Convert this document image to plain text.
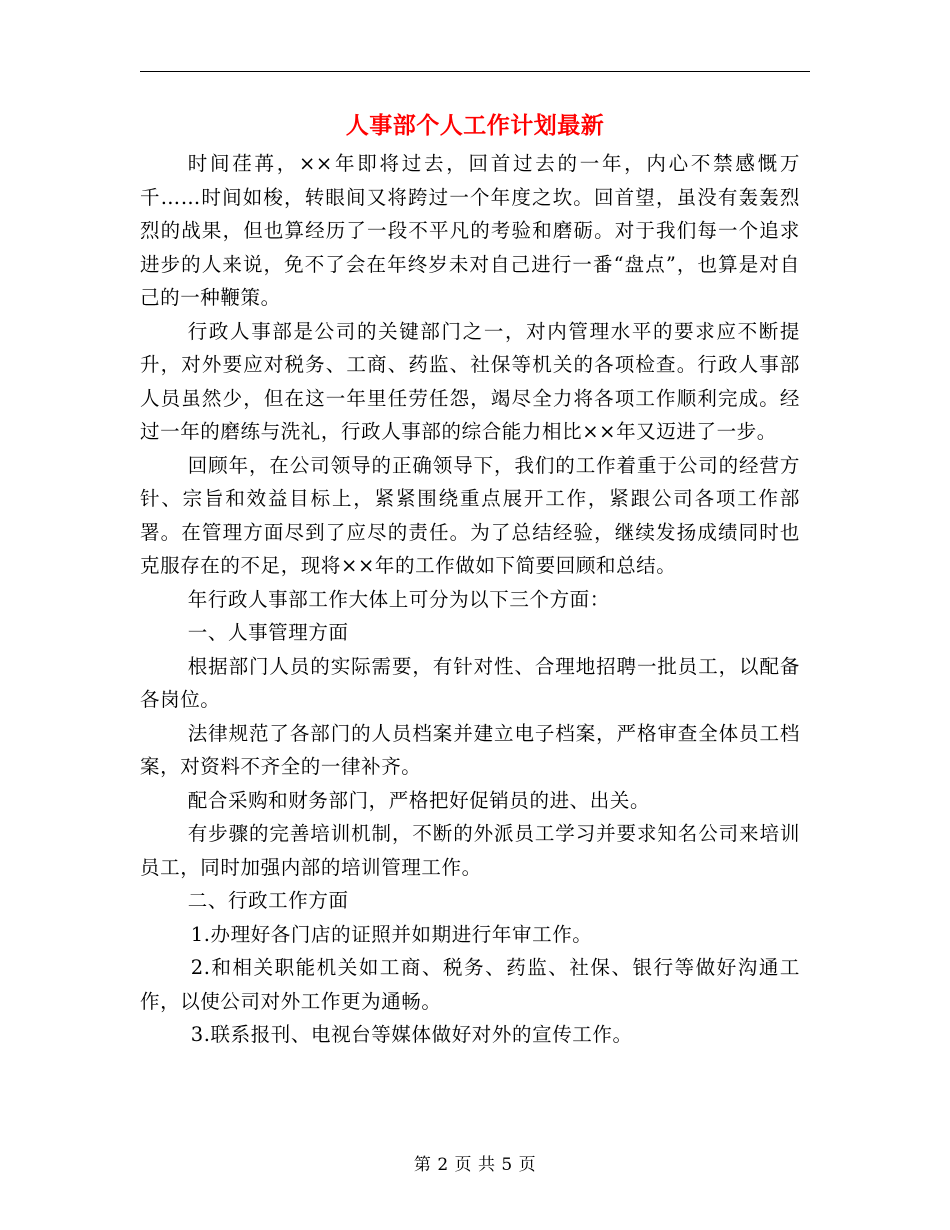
人事部个人工作计划最新

时间荏苒，××年即将过去，回首过去的一年，内心不禁感慨万千……时间如梭，转眼间又将跨过一个年度之坎。回首望，虽没有轰轰烈烈的战果，但也算经历了一段不平凡的考验和磨砺。对于我们每一个追求进步的人来说，免不了会在年终岁未对自己进行一番“盘点”，也算是对自己的一种鞭策。

行政人事部是公司的关键部门之一，对内管理水平的要求应不断提升，对外要应对税务、工商、药监、社保等机关的各项检查。行政人事部人员虽然少，但在这一年里任劳任怨，竭尽全力将各项工作顺利完成。经过一年的磨练与洗礼，行政人事部的综合能力相比××年又迈进了一步。

回顾年，在公司领导的正确领导下，我们的工作着重于公司的经营方针、宗旨和效益目标上，紧紧围绕重点展开工作，紧跟公司各项工作部署。在管理方面尽到了应尽的责任。为了总结经验，继续发扬成绩同时也克服存在的不足，现将××年的工作做如下简要回顾和总结。

年行政人事部工作大体上可分为以下三个方面：

一、人事管理方面

根据部门人员的实际需要，有针对性、合理地招聘一批员工，以配备各岗位。

法律规范了各部门的人员档案并建立电子档案，严格审查全体员工档案，对资料不齐全的一律补齐。

配合采购和财务部门，严格把好促销员的进、出关。

有步骤的完善培训机制，不断的外派员工学习并要求知名公司来培训员工，同时加强内部的培训管理工作。

二、行政工作方面

1.办理好各门店的证照并如期进行年审工作。

2.和相关职能机关如工商、税务、药监、社保、银行等做好沟通工作，以使公司对外工作更为通畅。

3.联系报刊、电视台等媒体做好对外的宣传工作。

第 2 页 共 5 页
